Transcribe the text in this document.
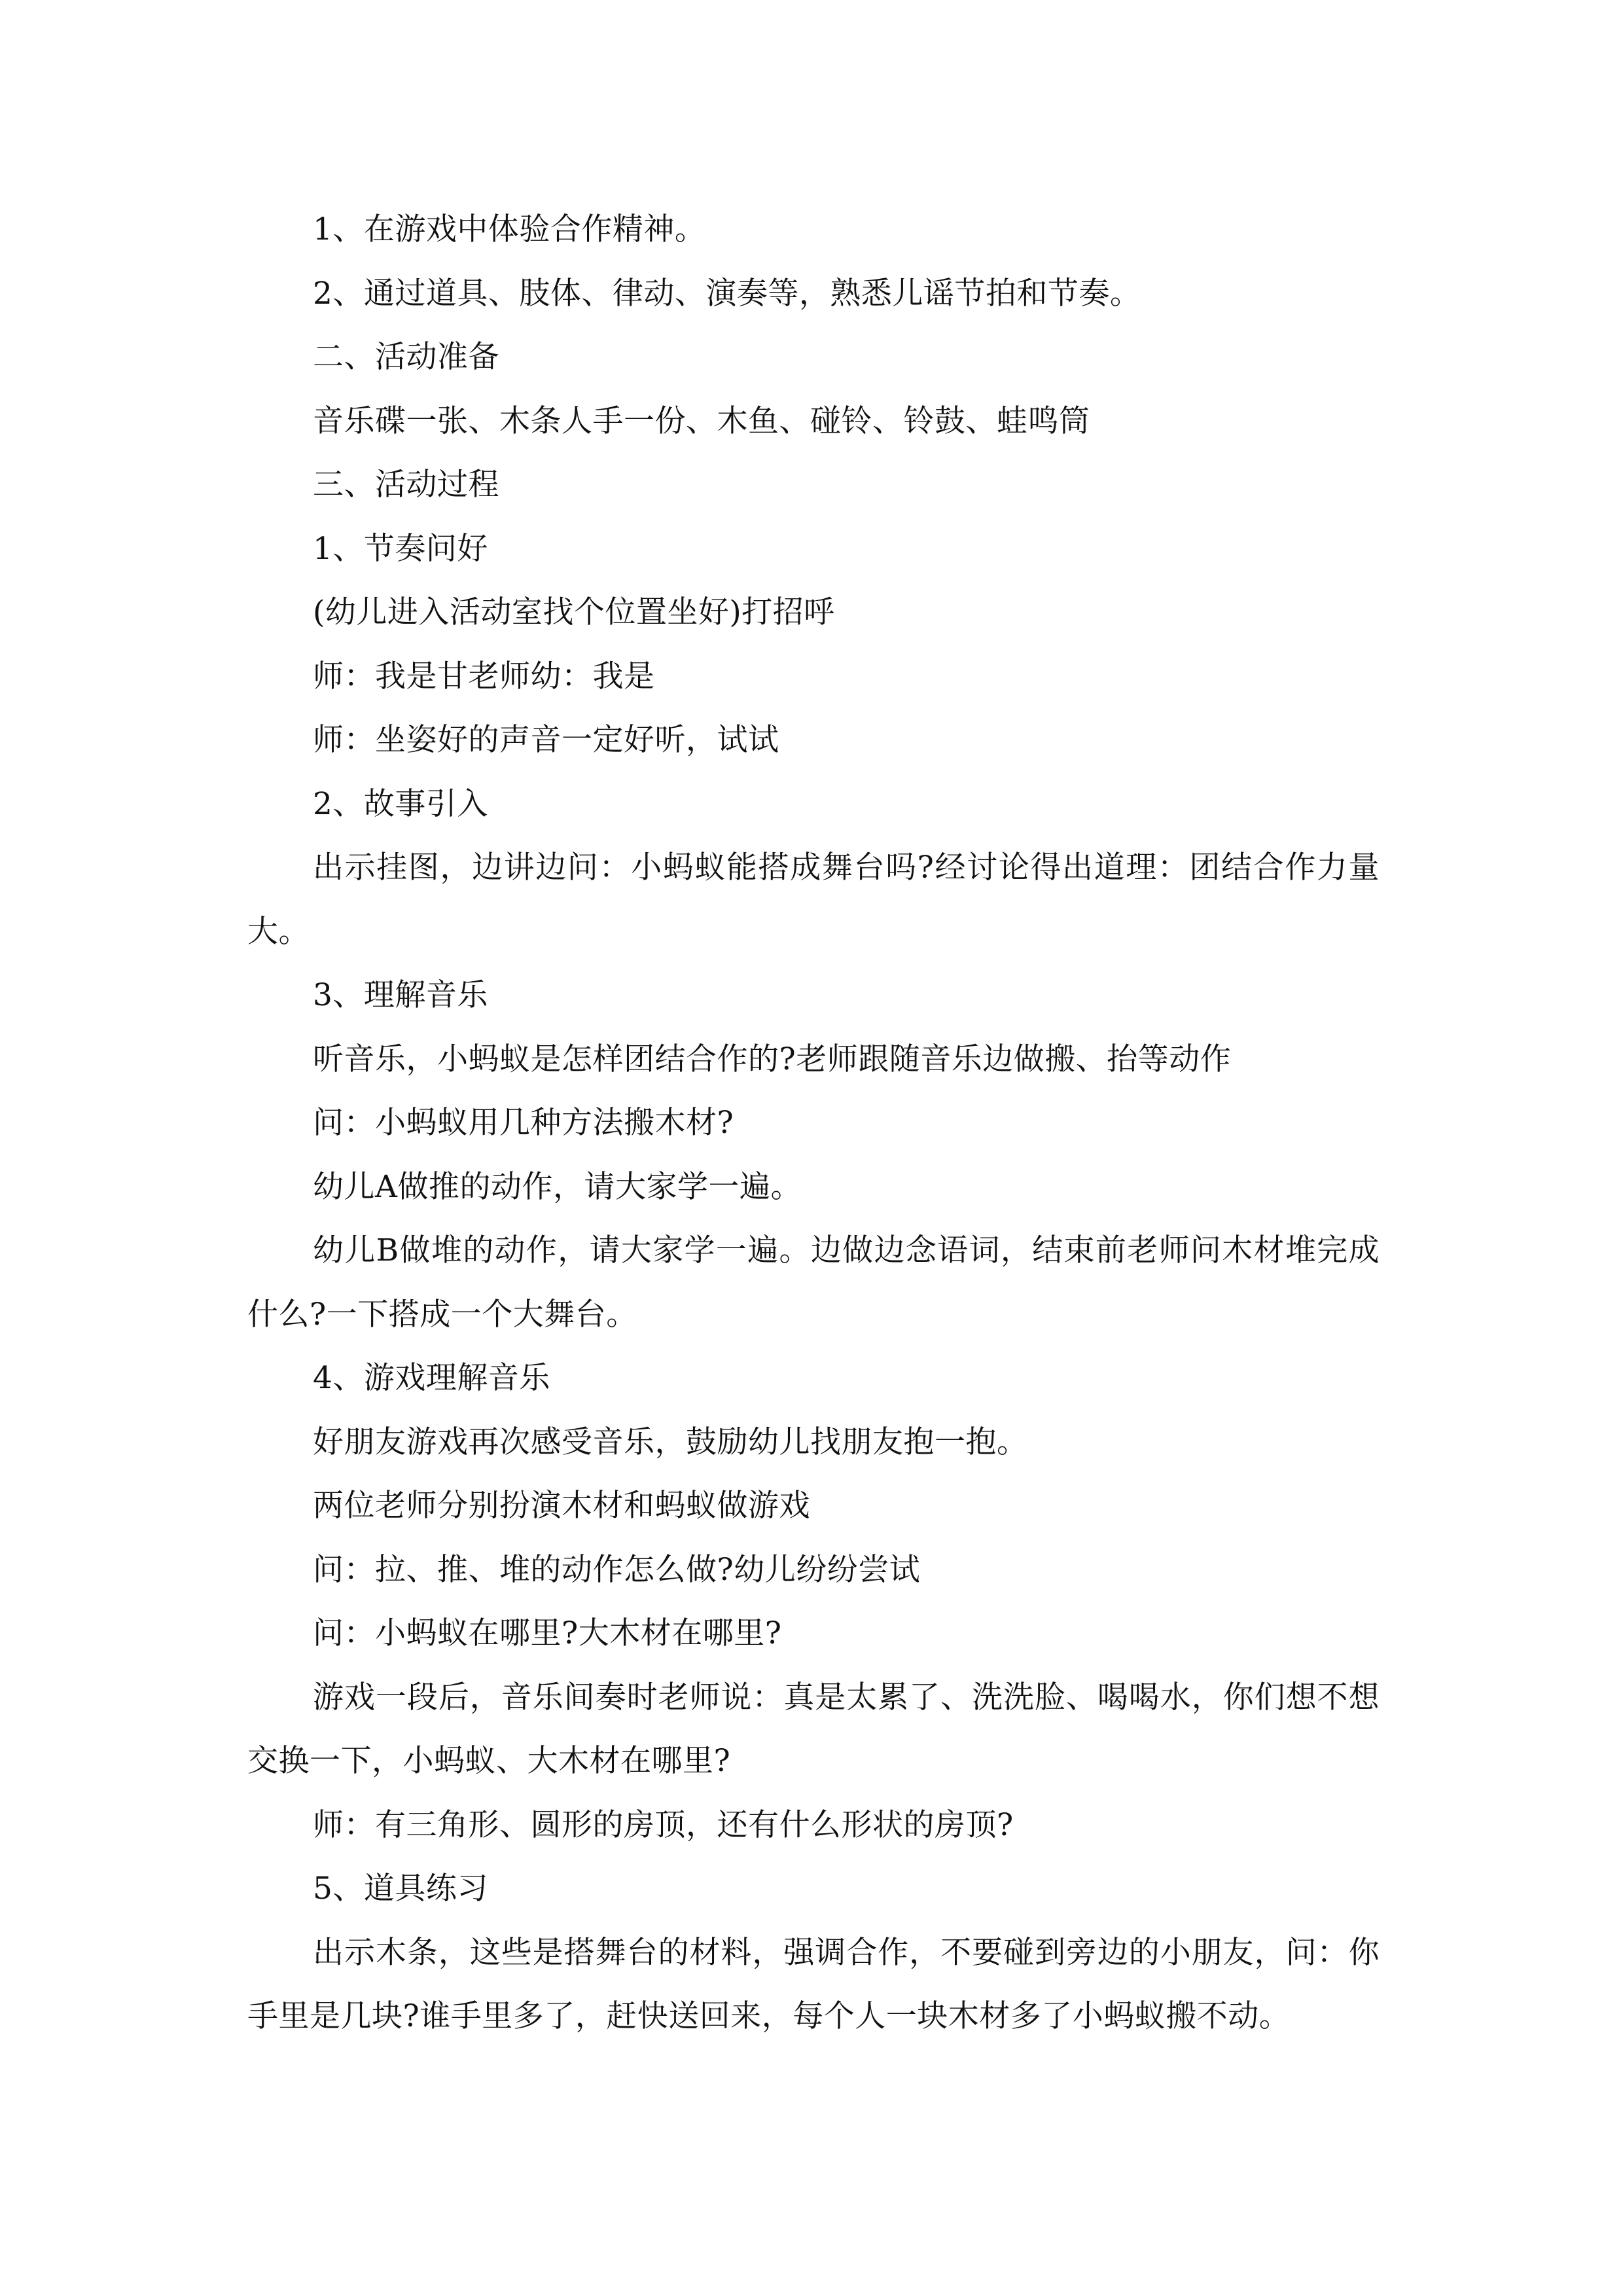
1、在游戏中体验合作精神。

2、通过道具、肢体、律动、演奏等，熟悉儿谣节拍和节奏。

二、活动准备

音乐碟一张、木条人手一份、木鱼、碰铃、铃鼓、蛙鸣筒

三、活动过程

1、节奏问好

(幼儿进入活动室找个位置坐好)打招呼

师：我是甘老师幼：我是

师：坐姿好的声音一定好听，试试

2、故事引入

出示挂图，边讲边问：小蚂蚁能搭成舞台吗?经讨论得出道理：团结合作力量大。

3、理解音乐

听音乐，小蚂蚁是怎样团结合作的?老师跟随音乐边做搬、抬等动作

问：小蚂蚁用几种方法搬木材?

幼儿A做推的动作，请大家学一遍。

幼儿B做堆的动作，请大家学一遍。边做边念语词，结束前老师问木材堆完成什么?一下搭成一个大舞台。

4、游戏理解音乐

好朋友游戏再次感受音乐，鼓励幼儿找朋友抱一抱。

两位老师分别扮演木材和蚂蚁做游戏

问：拉、推、堆的动作怎么做?幼儿纷纷尝试

问：小蚂蚁在哪里?大木材在哪里?

游戏一段后，音乐间奏时老师说：真是太累了、洗洗脸、喝喝水，你们想不想交换一下，小蚂蚁、大木材在哪里?

师：有三角形、圆形的房顶，还有什么形状的房顶?

5、道具练习

出示木条，这些是搭舞台的材料，强调合作，不要碰到旁边的小朋友，问：你手里是几块?谁手里多了，赶快送回来，每个人一块木材多了小蚂蚁搬不动。
